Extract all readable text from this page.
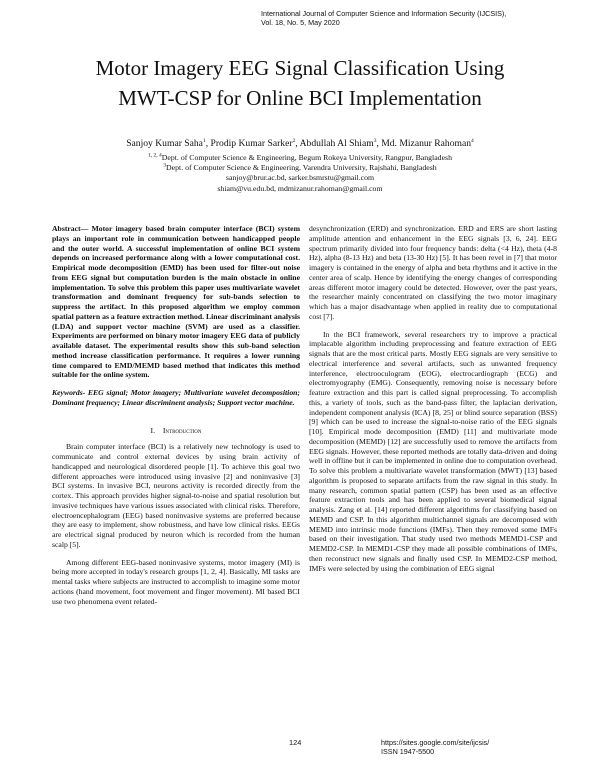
International Journal of Computer Science and Information Security (IJCSIS),
Vol. 18, No. 5, May 2020
Motor Imagery EEG Signal Classification Using
MWT-CSP for Online BCI Implementation
Sanjoy Kumar Saha$^1$, Prodip Kumar Sarker$^2$, Abdullah Al Shiam$^3$, Md. Mizanur Rahoman$^4$
$^{1, 2, 4}$Dept. of Computer Science & Engineering, Begum Rokeya University, Rangpur, Bangladesh
$^3$Dept. of Computer Science & Engineering, Varendra University, Rajshahi, Bangladesh
sanjoy@brur.ac.bd, sarker.bsmrstu@gmail.com
shiam@vu.edu.bd, mdmizanur.rahoman@gmail.com

Abstract— Motor imagery based brain computer interface (BCI) system plays an important role in communication between handicapped people and the outer world. A successful implementation of online BCI system depends on increased performance along with a lower computational cost. Empirical mode decomposition (EMD) has been used for filter-out noise from EEG signal but computation burden is the main obstacle in online implementation. To solve this problem this paper uses multivariate wavelet transformation and dominant frequency for sub-bands selection to suppress the artifact. In this proposed algorithm we employ common spatial pattern as a feature extraction method. Linear discriminant analysis (LDA) and support vector machine (SVM) are used as a classifier. Experiments are performed on binary motor imagery EEG data of publicly available dataset. The experimental results show this sub-band selection method increase classification performance. It requires a lower running time compared to EMD/MEMD based method that indicates this method suitable for the online system.

Keywords- EEG signal; Motor imagery; Multivariate wavelet decomposition; Dominant frequency; Linear discriminent analysis; Support vector machine.

I. Introduction

Brain computer interface (BCI) is a relatively new technology is used to communicate and control external devices by using brain activity of handicapped and neurological disordered people [1]. To achieve this goal two different approaches were introduced using invasive [2] and noninvasive [3] BCI systems. In invasive BCI, neurons activity is recorded directly from the cortex. This approach provides higher signal-to-noise and spatial resolution but invasive techniques have various issues associated with clinical risks. Therefore, electroencephalogram (EEG) based noninvasive systems are preferred because they are easy to implement, show robustness, and have low clinical risks. EEGs are electrical signal produced by neuron which is recorded from the human scalp [5].

Among different EEG-based noninvasive systems, motor imagery (MI) is being more accepted in today's research groups [1, 2, 4]. Basically, MI tasks are mental tasks where subjects are instructed to accomplish to imagine some motor actions (hand movement, foot movement and finger movement). MI based BCI use two phenomena event related-

desynchronization (ERD) and synchronization. ERD and ERS are short lasting amplitude attention and enhancement in the EEG signals [3, 6, 24]. EEG spectrum primarily divided into four frequency bands: delta (<4 Hz), theta (4-8 Hz), alpha (8-13 Hz) and beta (13-30 Hz) [5]. It has been revel in [7] that motor imagery is contained in the energy of alpha and beta rhythms and it active in the center area of scalp. Hence by identifying the energy changes of corresponding areas different motor imagery could be detected. However, over the past years, the researcher mainly concentrated on classifying the two motor imaginary which has a major disadvantage when applied in reality due to computational cost [7].

In the BCI framework, several researchers try to improve a practical implacable algorithm including preprocessing and feature extraction of EEG signals that are the most critical parts. Mostly EEG signals are very sensitive to electrical interference and several artifacts, such as unwanted frequency interference, electrooculogram (EOG), electrocardiograph (ECG) and electromyography (EMG). Consequently, removing noise is necessary before feature extraction and this part is called signal preprocessing. To accomplish this, a variety of tools, such as the band-pass filter, the laplacian derivation, independent component analysis (ICA) [8, 25] or blind source separation (BSS) [9] which can be used to increase the signal-to-noise ratio of the EEG signals [10]. Empirical mode decomposition (EMD) [11] and multivariate mode decomposition (MEMD) [12] are successfully used to remove the artifacts from EEG signals. However, these reported methods are totally data-driven and doing well in offline but it can be implemented in online due to computation overhead. To solve this problem a multivariate wavelet transformation (MWT) [13] based algorithm is proposed to separate artifacts from the raw signal in this study. In many research, common spatial pattern (CSP) has been used as an effective feature extraction tools and has been applied to several biomedical signal analysis. Zang et al. [14] reported different algorithms for classifying based on MEMD and CSP. In this algorithm multichannel signals are decomposed with MEMD into intrinsic mode functions (IMFs). Then they removed some IMFs based on their investigation. That study used two methods MEMD1-CSP and MEMD2-CSP. In MEMD1-CSP they made all possible combinations of IMFs, then reconstruct new signals and finally used CSP. In MEMD2-CSP method, IMFs were selected by using the combination of EEG signal

124	https://sites.google.com/site/ijcsis/
ISSN 1947-5500
